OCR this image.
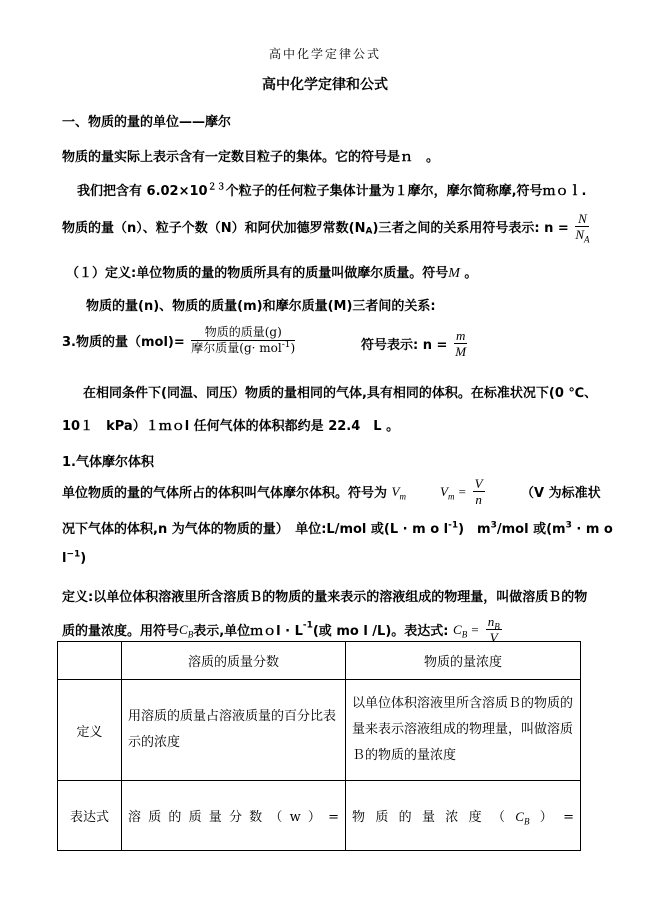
高中化学定律公式
高中化学定律和公式
一、物质的量的单位——摩尔
物质的量实际上表示含有一定数目粒子的集体。它的符号是ｎ　。
我们把含有 $6.02\times 10^{23}$个粒子的任何粒子集体计量为１摩尔，摩尔简称摩,符号ｍｏｌ.
物质的量（n）、粒子个数（N）和阿伏加德罗常数$(N_A)$三者之间的关系用符号表示: $n = \frac{N}{N_A}$
（１）定义:单位物质的量的物质所具有的质量叫做摩尔质量。符号M 。
物质的量(n)、物质的质量(m)和摩尔质量(M)三者间的关系:
3.物质的量$(mol)= \frac{\text{物质的质量(g)}}{摩尔质量(g\cdot mol^{-1})}$	符号表示: $n = \frac{m}{M}$
在相同条件下(同温、同压）物质的量相同的气体,具有相同的体积。在标准状况下(0 ℃、
10１　kPa）１ｍｏl 任何气体的体积都约是 22.4　L 。
1.气体摩尔体积
单位物质的量的气体所占的体积叫气体摩尔体积。符号为 $V_m$	$V_m = \frac{V}{n}$	（V 为标准状
况下气体的体积,n 为气体的物质的量）　单位:L/mol 或(L · m o $l^{-1}$)　$m^3$/mol 或($m^3 \cdot m$ o
$l^{-1}$)
定义:以单位体积溶液里所含溶质Ｂ的物质的量来表示的溶液组成的物理量，叫做溶质Ｂ的物
质的量浓度。用符号$C_B$表示,单位ｍｏl · $L^{-1}$(或 mo l /L)。表达式: $C_B = \frac{n_B}{V}$
	溶质的质量分数	物质的量浓度
定义	用溶质的质量占溶液质量的百分比表示的浓度	以单位体积溶液里所含溶质Ｂ的物质的量来表示溶液组成的物理量，叫做溶质Ｂ的物质的量浓度
表达式	溶质的质量分数（w）=	物质的量浓度$(C_B)=$
